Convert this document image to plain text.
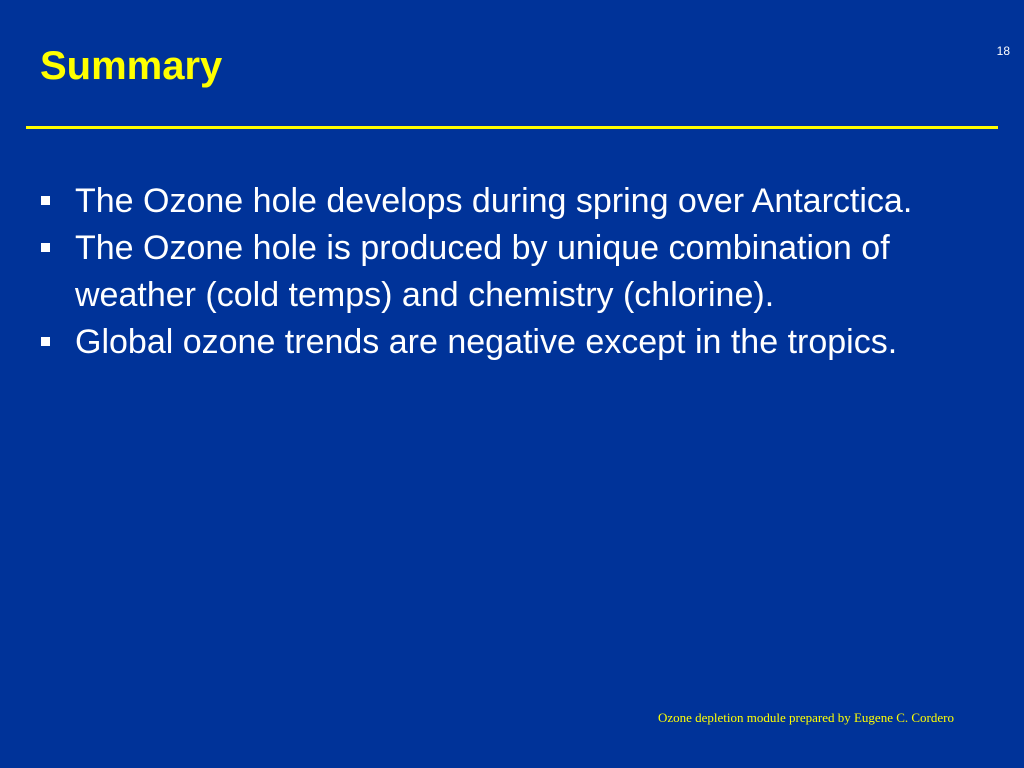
Summary	18
The Ozone hole develops during spring over Antarctica.
The Ozone hole is produced by unique combination of weather (cold temps) and chemistry (chlorine).
Global ozone trends are negative except in the tropics.
Ozone depletion module prepared by Eugene C. Cordero
